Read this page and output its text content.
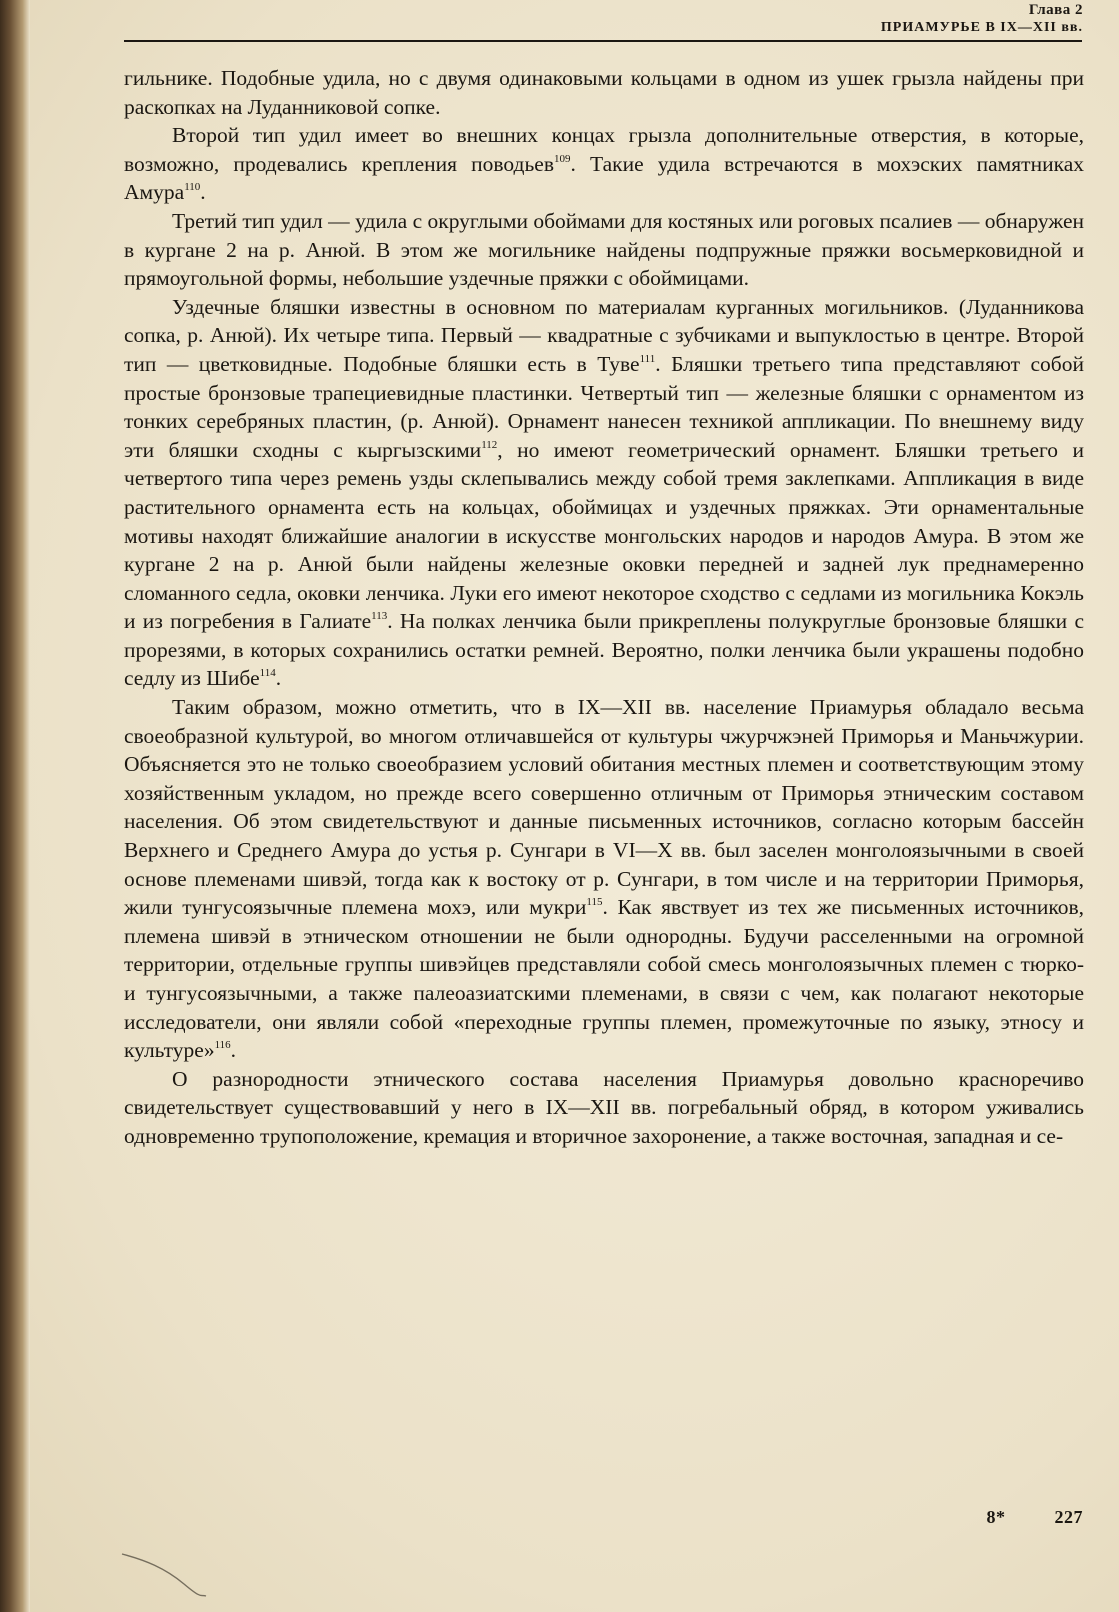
Глава 2
ПРИАМУРЬЕ В IX—XII вв.

гильнике. Подобные удила, но с двумя одинаковыми кольцами в одном из ушек грызла найдены при раскопках на Луданниковой сопке.

Второй тип удил имеет во внешних концах грызла дополнительные отверстия, в которые, возможно, продевались крепления поводьев$^{109}$. Такие удила встречаются в мохэских памятниках Амура$^{110}$.

Третий тип удил — удила с округлыми обоймами для костяных или роговых псалиев — обнаружен в кургане 2 на р. Анюй. В этом же могильнике найдены подпружные пряжки восьмерковидной и прямоугольной формы, небольшие уздечные пряжки с обоймицами.

Уздечные бляшки известны в основном по материалам курганных могильников. (Луданникова сопка, р. Анюй). Их четыре типа. Первый — квадратные с зубчиками и выпуклостью в центре. Второй тип — цветковидные. Подобные бляшки есть в Туве$^{111}$. Бляшки третьего типа представляют собой простые бронзовые трапециевидные пластинки. Четвертый тип — железные бляшки с орнаментом из тонких серебряных пластин, (р. Анюй). Орнамент нанесен техникой аппликации. По внешнему виду эти бляшки сходны с кыргызскими$^{112}$, но имеют геометрический орнамент. Бляшки третьего и четвертого типа через ремень узды склепывались между собой тремя заклепками. Аппликация в виде растительного орнамента есть на кольцах, обоймицах и уздечных пряжках. Эти орнаментальные мотивы находят ближайшие аналогии в искусстве монгольских народов и народов Амура. В этом же кургане 2 на р. Анюй были найдены железные оковки передней и задней лук преднамеренно сломанного седла, оковки ленчика. Луки его имеют некоторое сходство с седлами из могильника Кокэль и из погребения в Галиате$^{113}$. На полках ленчика были прикреплены полукруглые бронзовые бляшки с прорезями, в которых сохранились остатки ремней. Вероятно, полки ленчика были украшены подобно седлу из Шибе$^{114}$.

Таким образом, можно отметить, что в IX—XII вв. население Приамурья обладало весьма своеобразной культурой, во многом отличавшейся от культуры чжурчжэней Приморья и Маньчжурии. Объясняется это не только своеобразием условий обитания местных племен и соответствующим этому хозяйственным укладом, но прежде всего совершенно отличным от Приморья этническим составом населения. Об этом свидетельствуют и данные письменных источников, согласно которым бассейн Верхнего и Среднего Амура до устья р. Сунгари в VI—X вв. был заселен монголоязычными в своей основе племенами шивэй, тогда как к востоку от р. Сунгари, в том числе и на территории Приморья, жили тунгусоязычные племена мохэ, или мукри$^{115}$. Как явствует из тех же письменных источников, племена шивэй в этническом отношении не были однородны. Будучи расселенными на огромной территории, отдельные группы шивэйцев представляли собой смесь монголоязычных племен с тюрко- и тунгусоязычными, а также палеоазиатскими племенами, в связи с чем, как полагают некоторые исследователи, они являли собой «переходные группы племен, промежуточные по языку, этносу и культуре»$^{116}$.

О разнородности этнического состава населения Приамурья довольно красноречиво свидетельствует существовавший у него в IX—XII вв. погребальный обряд, в котором уживались одновременно трупоположение, кремация и вторичное захоронение, а также восточная, западная и се-

8*	227
